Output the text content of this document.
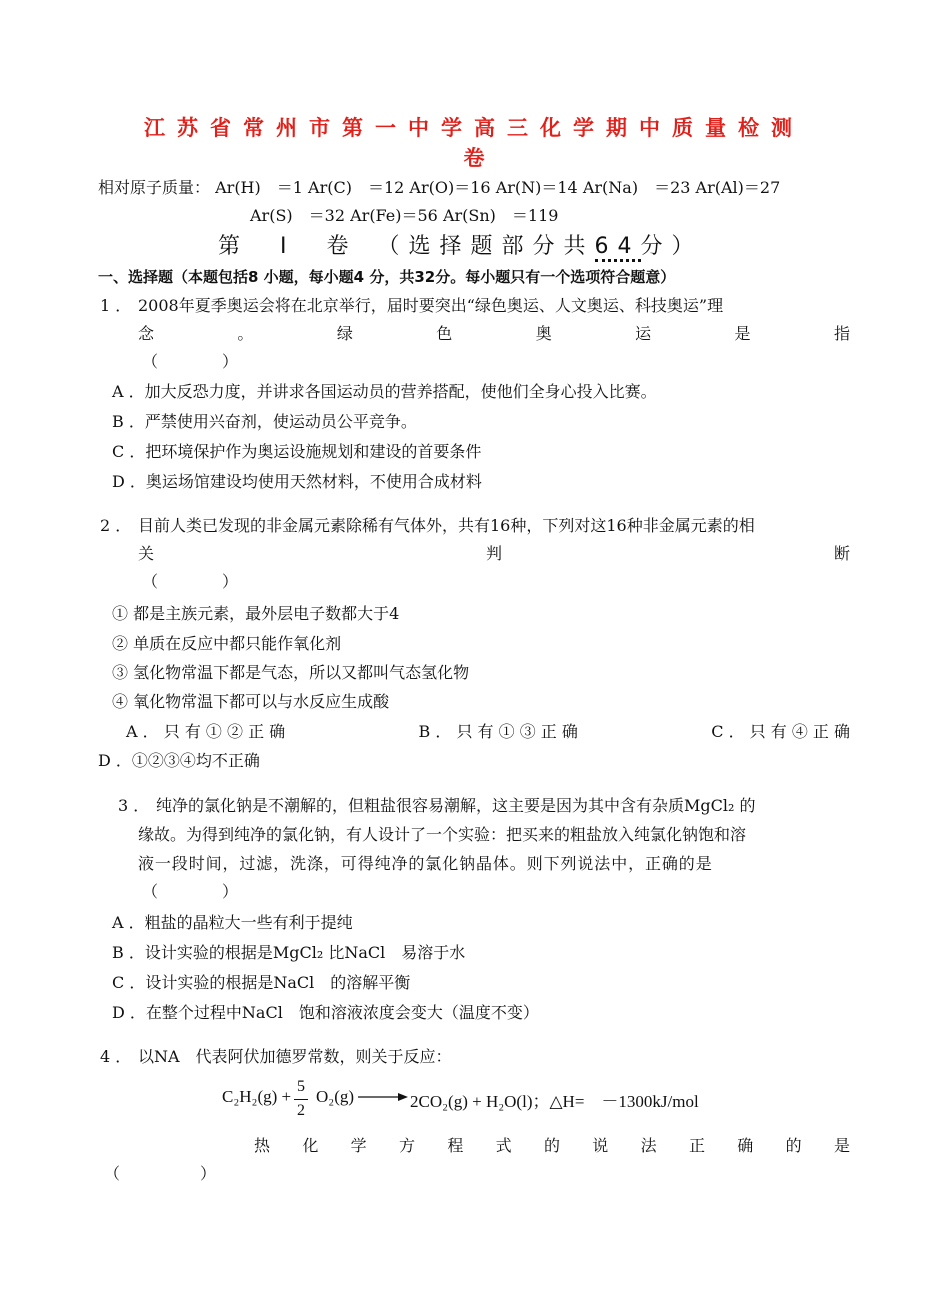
江苏省常州市第一中学高三化学期中质量检测
卷
相对原子质量： Ar(H)　＝1 Ar(C)　＝12 Ar(O)＝16 Ar(N)＝14 Ar(Na)　＝23 Ar(Al)＝27
Ar(S)　＝32 Ar(Fe)＝56 Ar(Sn)　＝119
第　Ⅰ　卷　（选择题部分共64分）
一、选择题（本题包括8 小题，每小题4 分，共32分。每小题只有一个选项符合题意）
1 ． 2008年夏季奥运会将在北京举行，届时要突出“绿色奥运、人文奥运、科技奥运”理
念	。	绿	色	奥	运	是	指
（　　　　）
A ．加大反恐力度，并讲求各国运动员的营养搭配，使他们全身心投入比赛。
B ．严禁使用兴奋剂，使运动员公平竞争。
C ．把环境保护作为奥运设施规划和建设的首要条件
D ．奥运场馆建设均使用天然材料，不使用合成材料
2 ． 目前人类已发现的非金属元素除稀有气体外，共有16种，下列对这16种非金属元素的相
关	判	断
（　　　　）
① 都是主族元素，最外层电子数都大于4
② 单质在反应中都只能作氧化剂
③ 氢化物常温下都是气态，所以又都叫气态氢化物
④ 氧化物常温下都可以与水反应生成酸
A ． 只 有 ① ② 正 确	B ． 只 有 ① ③ 正 确	C ． 只 有 ④ 正 确
D ．①②③④均不正确
3 ． 纯净的氯化钠是不潮解的，但粗盐很容易潮解，这主要是因为其中含有杂质MgCl₂ 的
缘故。为得到纯净的氯化钠，有人设计了一个实验：把买来的粗盐放入纯氯化钠饱和溶
液一段时间，过滤，洗涤，可得纯净的氯化钠晶体。则下列说法中，正确的是
（　　　　）
A ．粗盐的晶粒大一些有利于提纯
B ．设计实验的根据是MgCl₂ 比NaCl　易溶于水
C ．设计实验的根据是NaCl　的溶解平衡
D ．在整个过程中NaCl　饱和溶液浓度会变大（温度不变）
4 ． 以NA　代表阿伏加德罗常数，则关于反应：
C₂H₂(g) +
5
2
O₂(g) → 2CO₂(g) + H₂O(l)；△H=　－1300kJ/mol
热 化 学 方 程 式 的 说 法 正 确 的 是
（　　　　　）
